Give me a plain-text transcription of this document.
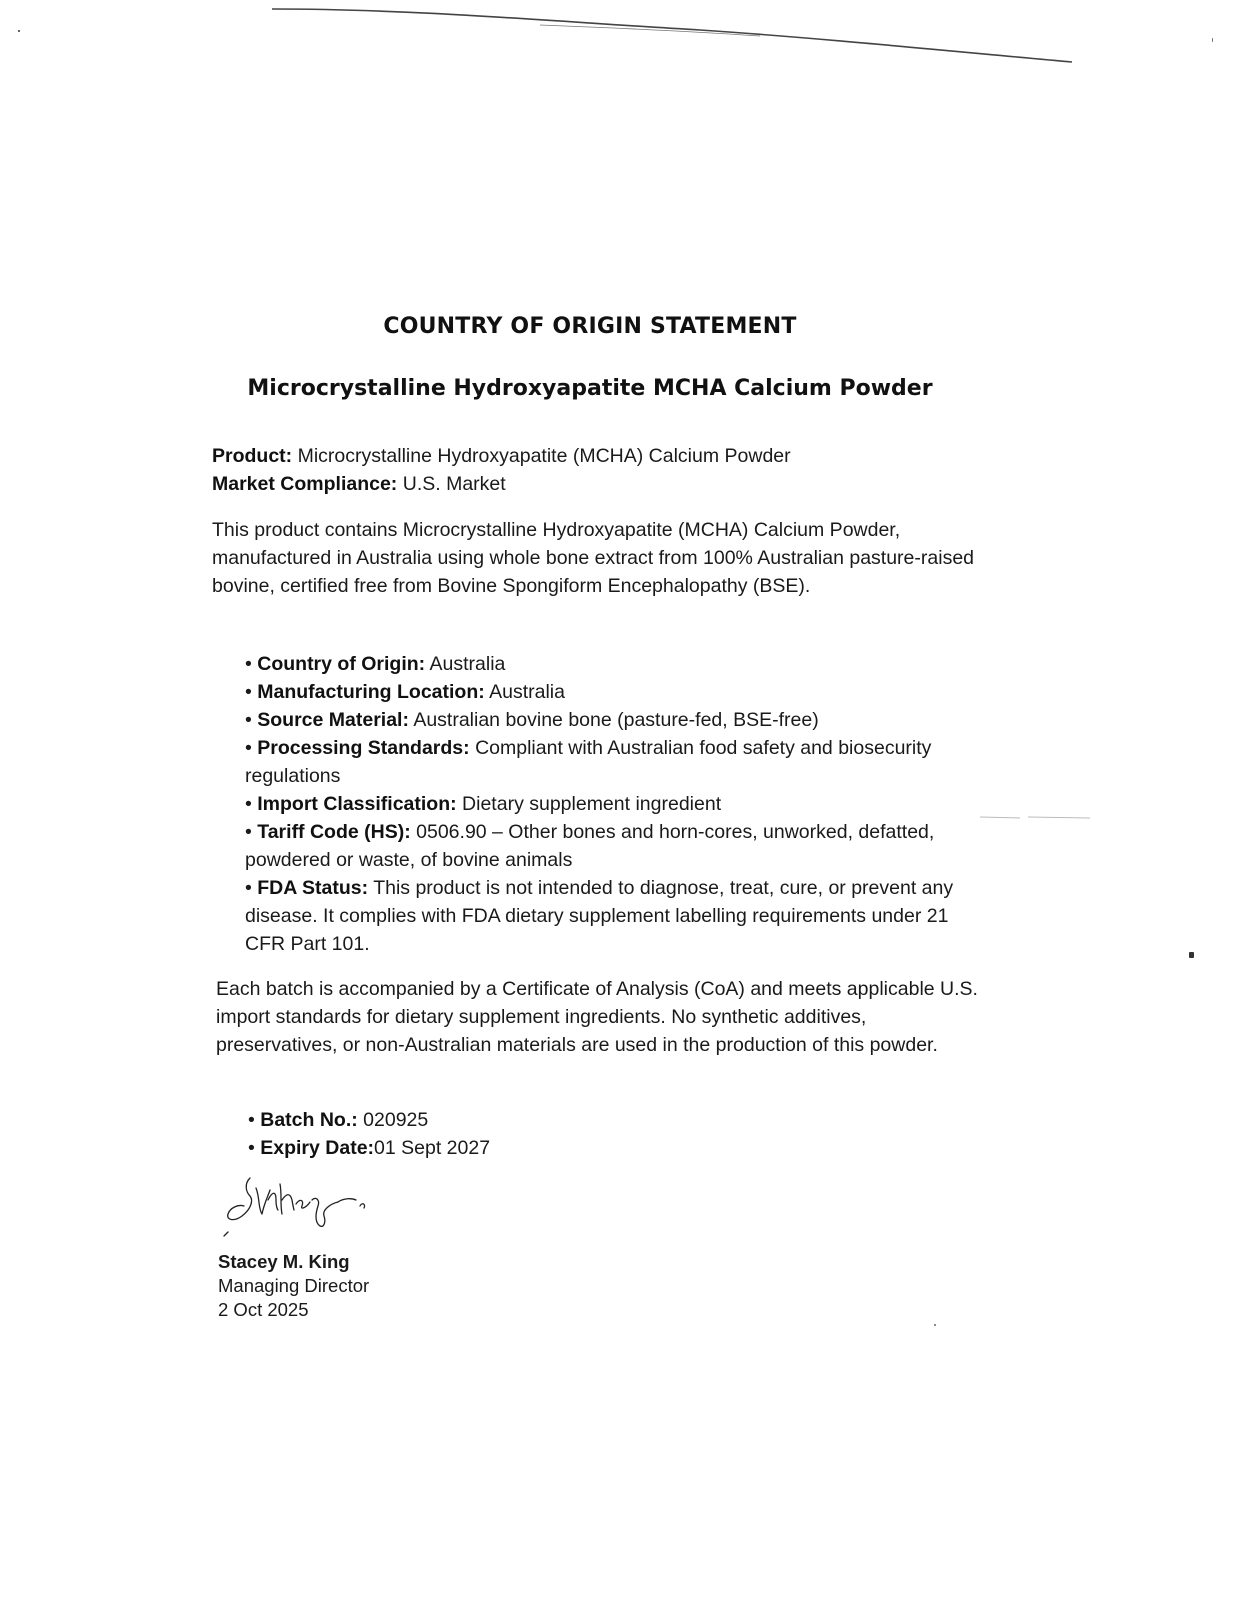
COUNTRY OF ORIGIN STATEMENT
Microcrystalline Hydroxyapatite MCHA Calcium Powder
Product: Microcrystalline Hydroxyapatite (MCHA) Calcium Powder
Market Compliance: U.S. Market
This product contains Microcrystalline Hydroxyapatite (MCHA) Calcium Powder, manufactured in Australia using whole bone extract from 100% Australian pasture-raised bovine, certified free from Bovine Spongiform Encephalopathy (BSE).
• Country of Origin: Australia
• Manufacturing Location: Australia
• Source Material: Australian bovine bone (pasture-fed, BSE-free)
• Processing Standards: Compliant with Australian food safety and biosecurity regulations
• Import Classification: Dietary supplement ingredient
• Tariff Code (HS): 0506.90 – Other bones and horn-cores, unworked, defatted, powdered or waste, of bovine animals
• FDA Status: This product is not intended to diagnose, treat, cure, or prevent any disease. It complies with FDA dietary supplement labelling requirements under 21 CFR Part 101.
Each batch is accompanied by a Certificate of Analysis (CoA) and meets applicable U.S. import standards for dietary supplement ingredients. No synthetic additives, preservatives, or non-Australian materials are used in the production of this powder.
• Batch No.: 020925
• Expiry Date:01 Sept 2027
Stacey M. King
Managing Director
2 Oct 2025
